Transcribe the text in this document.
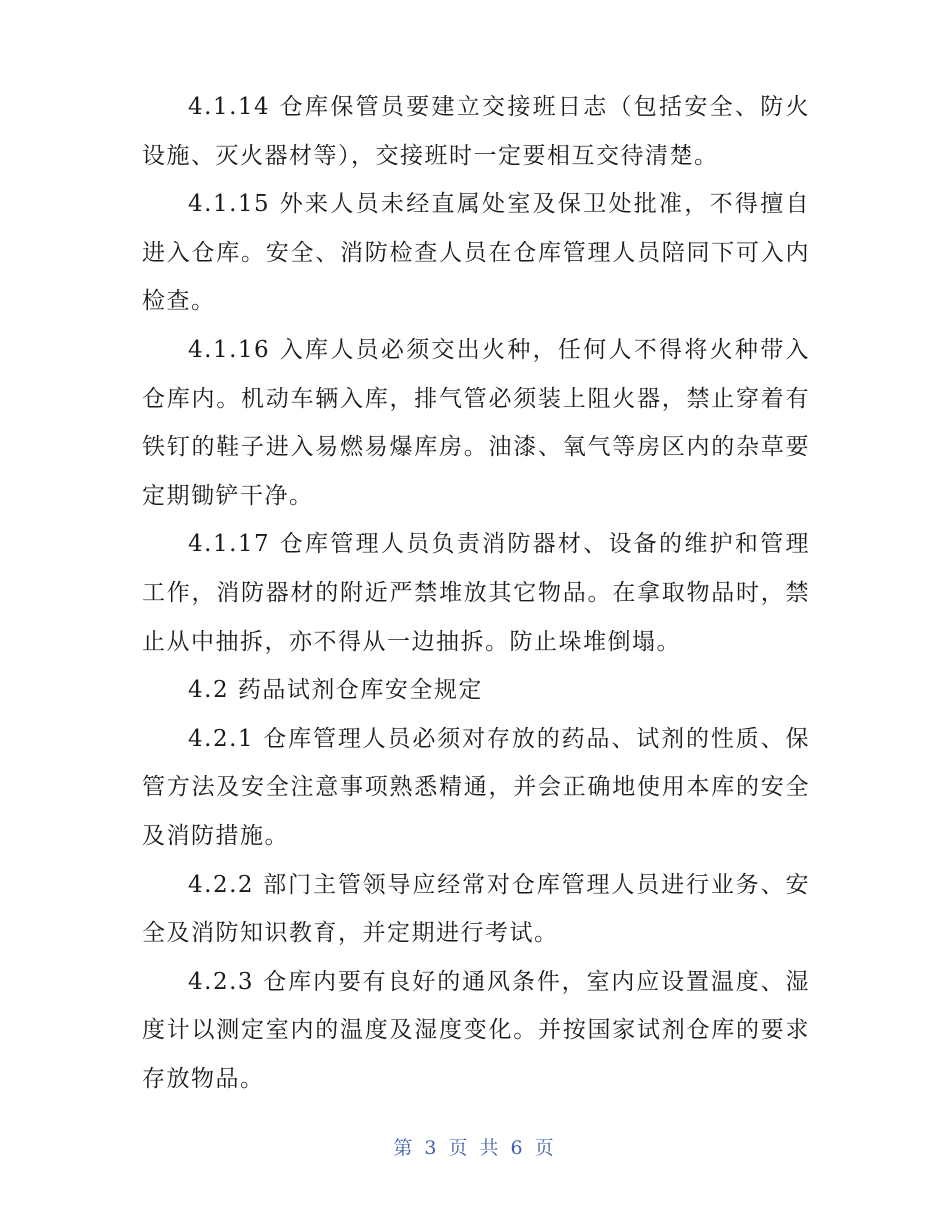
4.1.14 仓库保管员要建立交接班日志（包括安全、防火设施、灭火器材等），交接班时一定要相互交待清楚。

4.1.15 外来人员未经直属处室及保卫处批准，不得擅自进入仓库。安全、消防检查人员在仓库管理人员陪同下可入内检查。

4.1.16 入库人员必须交出火种，任何人不得将火种带入仓库内。机动车辆入库，排气管必须装上阻火器，禁止穿着有铁钉的鞋子进入易燃易爆库房。油漆、氧气等房区内的杂草要定期锄铲干净。

4.1.17 仓库管理人员负责消防器材、设备的维护和管理工作，消防器材的附近严禁堆放其它物品。在拿取物品时，禁止从中抽拆，亦不得从一边抽拆。防止垛堆倒塌。

4.2 药品试剂仓库安全规定

4.2.1 仓库管理人员必须对存放的药品、试剂的性质、保管方法及安全注意事项熟悉精通，并会正确地使用本库的安全及消防措施。

4.2.2 部门主管领导应经常对仓库管理人员进行业务、安全及消防知识教育，并定期进行考试。

4.2.3 仓库内要有良好的通风条件，室内应设置温度、湿度计以测定室内的温度及湿度变化。并按国家试剂仓库的要求存放物品。

第 3 页 共 6 页
